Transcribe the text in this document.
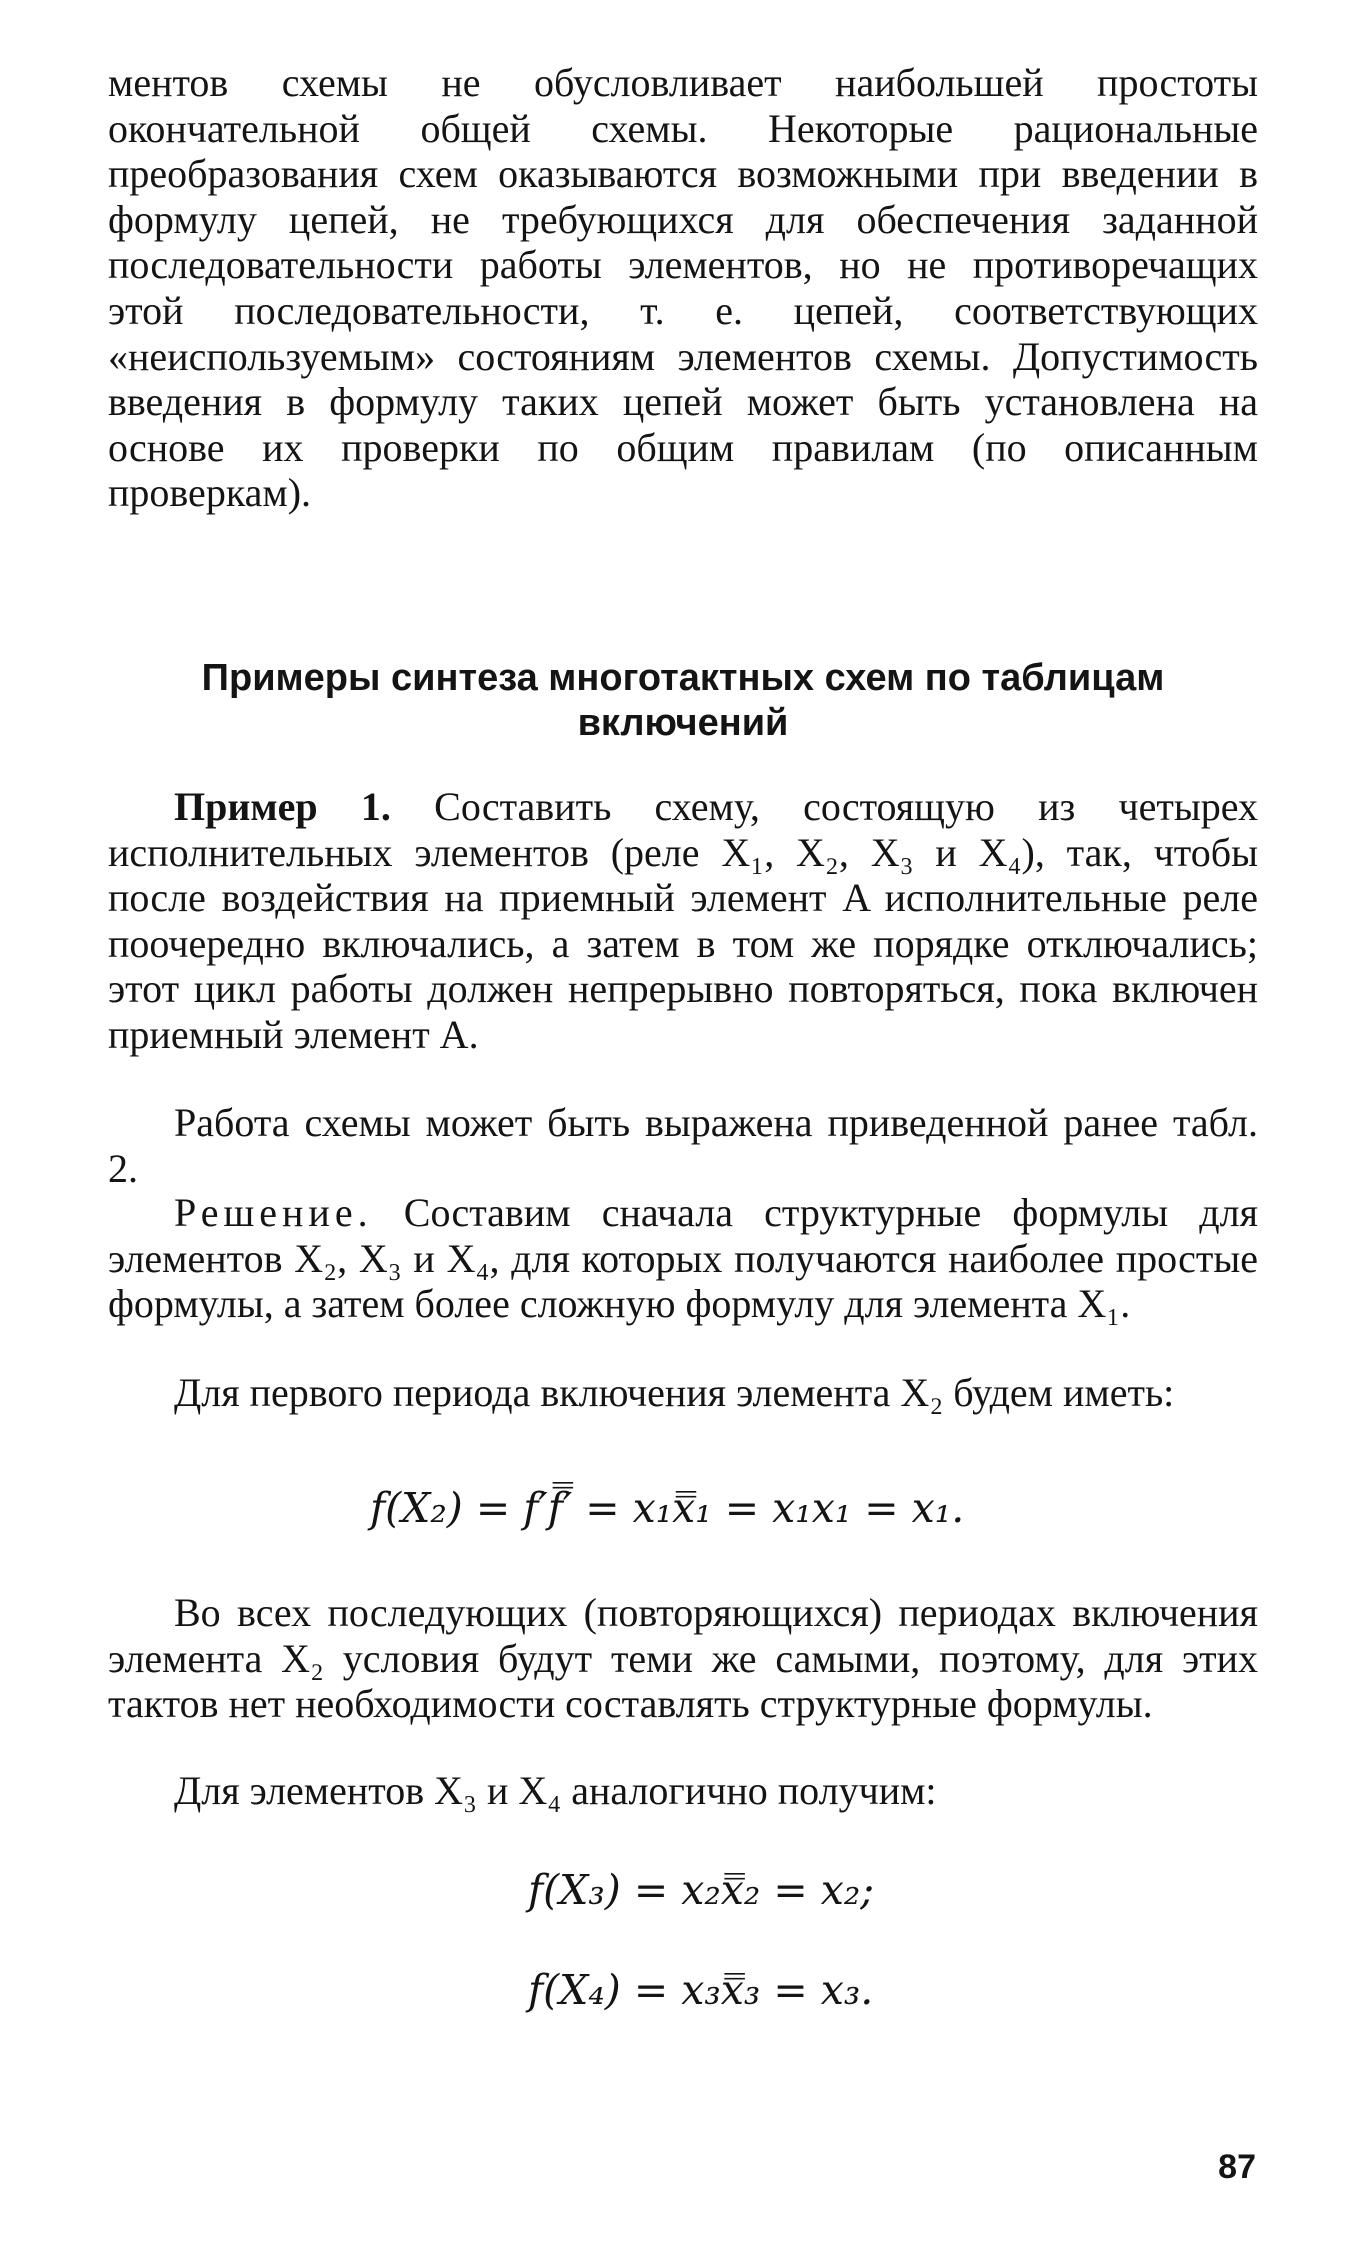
ментов схемы не обусловливает наибольшей простоты окончательной общей схемы. Некоторые рациональные преобразования схем оказываются возможными при введении в формулу цепей, не требующихся для обеспечения заданной последовательности работы элементов, но не противоречащих этой последовательности, т. е. цепей, соответствующих «неиспользуемым» состояниям элементов схемы. Допустимость введения в формулу таких цепей может быть установлена на основе их проверки по общим правилам (по описанным проверкам).

Примеры синтеза многотактных схем по таблицам

включений

Пример 1. Составить схему, состоящую из четырех исполнительных элементов (реле X₁, X₂, X₃ и X₄), так, чтобы после воздействия на приемный элемент A исполнительные реле поочередно включались, а затем в том же порядке отключались; этот цикл работы должен непрерывно повторяться, пока включен приемный элемент A.

Работа схемы может быть выражена приведенной ранее табл. 2.

Решение. Составим сначала структурные формулы для элементов X₂, X₃ и X₄, для которых получаются наиболее простые формулы, а затем более сложную формулу для элемента X₁.

Для первого периода включения элемента X₂ будем иметь:

f(X₂) = f′f̿′ = x₁x̿₁ = x₁x₁ = x₁.

Во всех последующих (повторяющихся) периодах включения элемента X₂ условия будут теми же самыми, поэтому, для этих тактов нет необходимости составлять структурные формулы.

Для элементов X₃ и X₄ аналогично получим:

f(X₃) = x₂x̿₂ = x₂;

f(X₄) = x₃x̿₃ = x₃.

87
